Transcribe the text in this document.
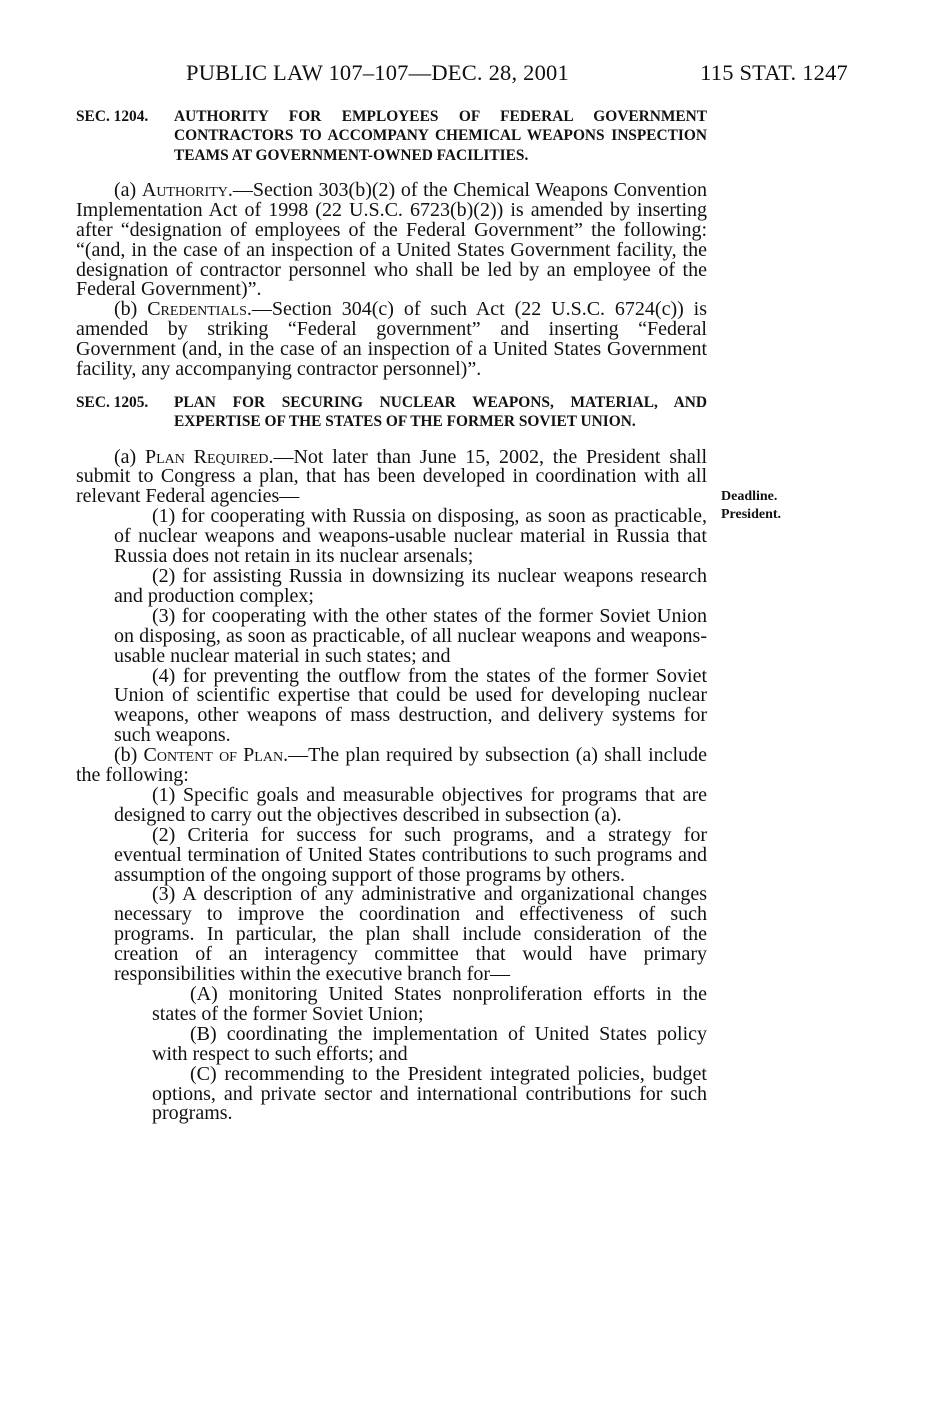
PUBLIC LAW 107–107—DEC. 28, 2001	115 STAT. 1247
Deadline.
President.
SEC. 1204. AUTHORITY FOR EMPLOYEES OF FEDERAL GOVERNMENT CONTRACTORS TO ACCOMPANY CHEMICAL WEAPONS INSPECTION TEAMS AT GOVERNMENT-OWNED FACILITIES.

(a) Authority.—Section 303(b)(2) of the Chemical Weapons Convention Implementation Act of 1998 (22 U.S.C. 6723(b)(2)) is amended by inserting after “designation of employees of the Federal Government” the following: “(and, in the case of an inspection of a United States Government facility, the designation of contractor personnel who shall be led by an employee of the Federal Government)”.

(b) Credentials.—Section 304(c) of such Act (22 U.S.C. 6724(c)) is amended by striking “Federal government” and inserting “Federal Government (and, in the case of an inspection of a United States Government facility, any accompanying contractor personnel)”.

SEC. 1205. PLAN FOR SECURING NUCLEAR WEAPONS, MATERIAL, AND EXPERTISE OF THE STATES OF THE FORMER SOVIET UNION.

(a) Plan Required.—Not later than June 15, 2002, the President shall submit to Congress a plan, that has been developed in coordination with all relevant Federal agencies—

(1) for cooperating with Russia on disposing, as soon as practicable, of nuclear weapons and weapons-usable nuclear material in Russia that Russia does not retain in its nuclear arsenals;

(2) for assisting Russia in downsizing its nuclear weapons research and production complex;

(3) for cooperating with the other states of the former Soviet Union on disposing, as soon as practicable, of all nuclear weapons and weapons-usable nuclear material in such states; and

(4) for preventing the outflow from the states of the former Soviet Union of scientific expertise that could be used for developing nuclear weapons, other weapons of mass destruction, and delivery systems for such weapons.

(b) Content of Plan.—The plan required by subsection (a) shall include the following:

(1) Specific goals and measurable objectives for programs that are designed to carry out the objectives described in subsection (a).

(2) Criteria for success for such programs, and a strategy for eventual termination of United States contributions to such programs and assumption of the ongoing support of those programs by others.

(3) A description of any administrative and organizational changes necessary to improve the coordination and effectiveness of such programs. In particular, the plan shall include consideration of the creation of an interagency committee that would have primary responsibilities within the executive branch for—

(A) monitoring United States nonproliferation efforts in the states of the former Soviet Union;

(B) coordinating the implementation of United States policy with respect to such efforts; and

(C) recommending to the President integrated policies, budget options, and private sector and international contributions for such programs.
